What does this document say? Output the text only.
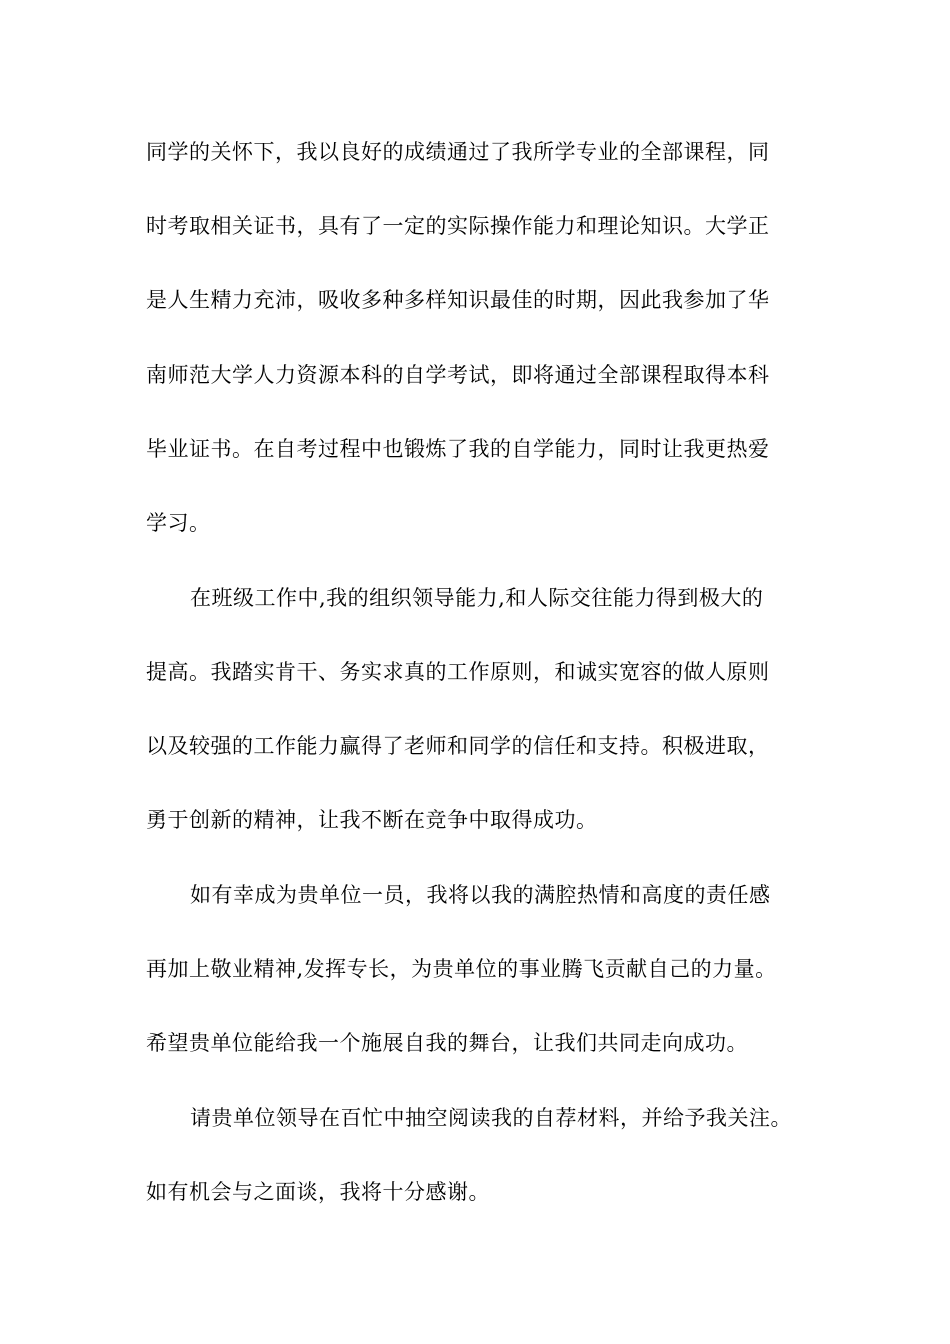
同学的关怀下，我以良好的成绩通过了我所学专业的全部课程，同
时考取相关证书，具有了一定的实际操作能力和理论知识。大学正
是人生精力充沛，吸收多种多样知识最佳的时期，因此我参加了华
南师范大学人力资源本科的自学考试，即将通过全部课程取得本科
毕业证书。在自考过程中也锻炼了我的自学能力，同时让我更热爱
学习。
在班级工作中,我的组织领导能力,和人际交往能力得到极大的
提高。我踏实肯干、务实求真的工作原则，和诚实宽容的做人原则
以及较强的工作能力赢得了老师和同学的信任和支持。积极进取，
勇于创新的精神，让我不断在竞争中取得成功。
如有幸成为贵单位一员，我将以我的满腔热情和高度的责任感
再加上敬业精神,发挥专长，为贵单位的事业腾飞贡献自己的力量。
希望贵单位能给我一个施展自我的舞台，让我们共同走向成功。
请贵单位领导在百忙中抽空阅读我的自荐材料，并给予我关注。
如有机会与之面谈，我将十分感谢。
